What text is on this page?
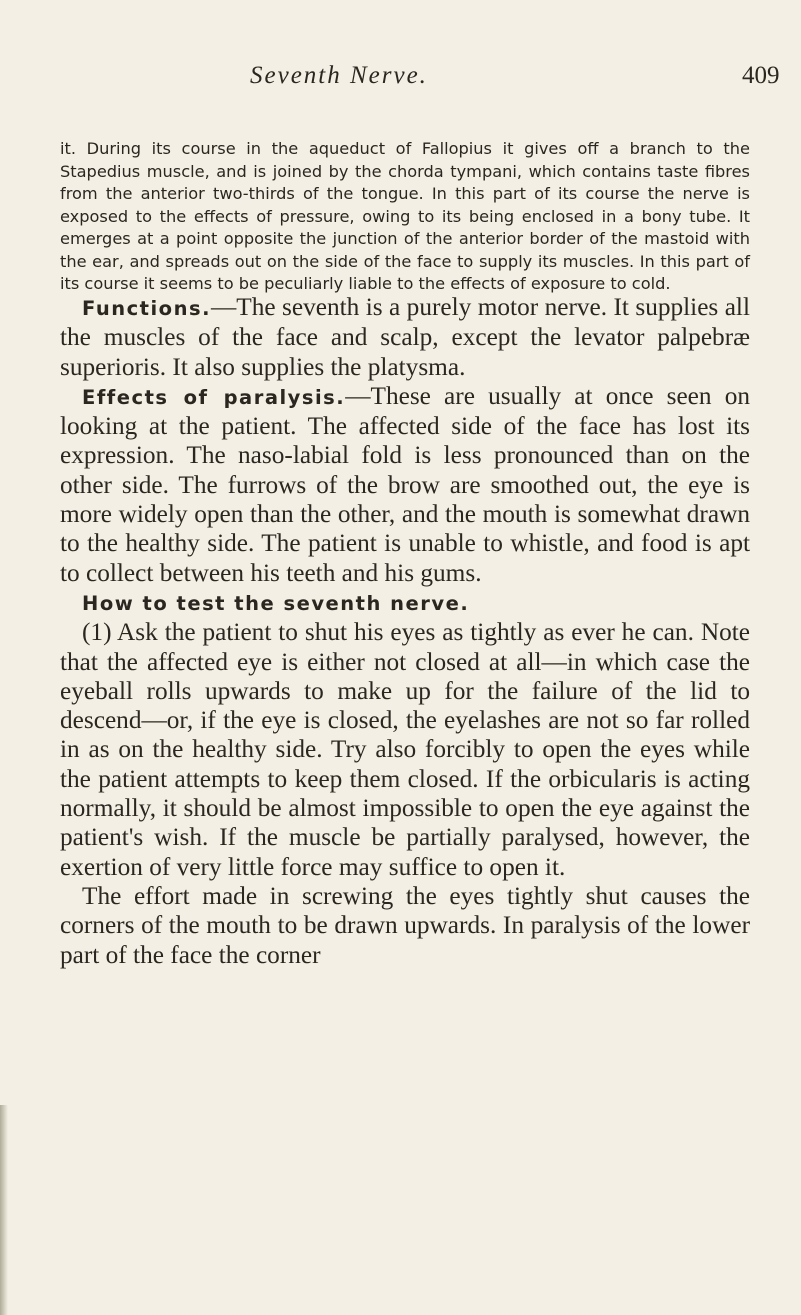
Seventh Nerve.	409

it. During its course in the aqueduct of Fallopius it gives off a branch to the Stapedius muscle, and is joined by the chorda tympani, which contains taste fibres from the anterior two-thirds of the tongue. In this part of its course the nerve is exposed to the effects of pressure, owing to its being enclosed in a bony tube. It emerges at a point opposite the junction of the anterior border of the mastoid with the ear, and spreads out on the side of the face to supply its muscles. In this part of its course it seems to be peculiarly liable to the effects of exposure to cold.

Functions.—The seventh is a purely motor nerve. It supplies all the muscles of the face and scalp, except the levator palpebræ superioris. It also supplies the platysma.

Effects of paralysis.—These are usually at once seen on looking at the patient. The affected side of the face has lost its expression. The naso-labial fold is less pronounced than on the other side. The furrows of the brow are smoothed out, the eye is more widely open than the other, and the mouth is somewhat drawn to the healthy side. The patient is unable to whistle, and food is apt to collect between his teeth and his gums.

How to test the seventh nerve.

(1) Ask the patient to shut his eyes as tightly as ever he can. Note that the affected eye is either not closed at all—in which case the eyeball rolls upwards to make up for the failure of the lid to descend—or, if the eye is closed, the eyelashes are not so far rolled in as on the healthy side. Try also forcibly to open the eyes while the patient attempts to keep them closed. If the orbicularis is acting normally, it should be almost impossible to open the eye against the patient's wish. If the muscle be partially paralysed, however, the exertion of very little force may suffice to open it.

The effort made in screwing the eyes tightly shut causes the corners of the mouth to be drawn upwards. In paralysis of the lower part of the face the corner
